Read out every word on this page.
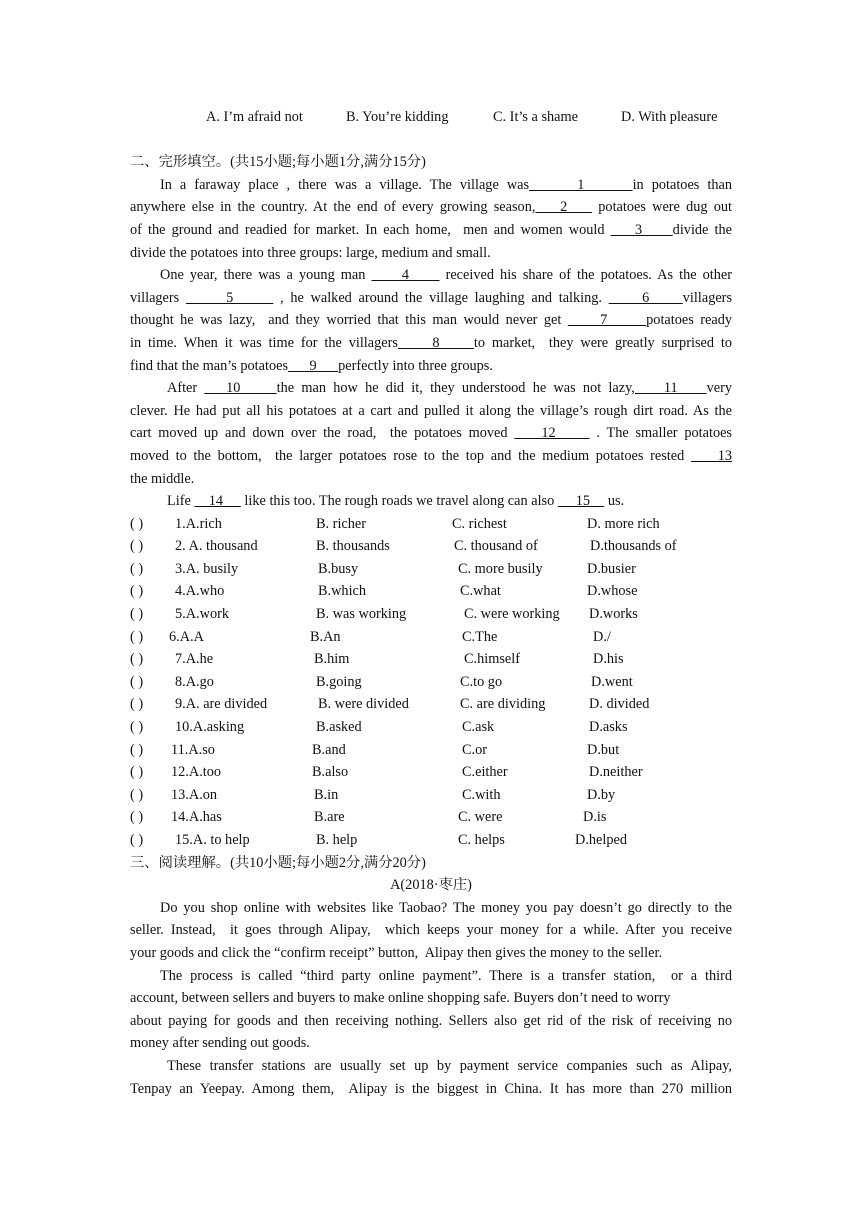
A. I’m afraid not	B. You’re kidding	C. It’s a shame	D. With pleasure
二、完形填空。(共15小题;每小题1分,满分15分)
In a faraway place , there was a village. The village was      1      in potatoes than
anywhere else in the country. At the end of every growing season,    2     potatoes were dug out
of the ground and readied for market. In each home,  men and women would     3     divide the
divide the potatoes into three groups: large, medium and small.
One year, there was a young man      4      received his share of the potatoes. As the other
villagers       5       , he walked around the village laughing and talking.      6     villagers
thought he was lazy,  and they worried that this man would never get      7      potatoes ready
in time. When it was time for the villagers     8     to market,  they were greatly surprised to
find that the man’s potatoes      9      perfectly into three groups.
After    10     the man how he did it, they understood he was not lazy,    11    very
clever. He had put all his potatoes at a cart and pulled it along the village’s rough dirt road. As the
cart moved up and down over the road,  the potatoes moved     12      . The smaller potatoes
moved to the bottom,  the larger potatoes rose to the top and the medium potatoes rested     13
the middle.
Life     14      like this too. The rough roads we travel along can also      15     us.
( ) 1.A.rich	B. richer	C. richest	D. more rich
( ) 2. A. thousand	B. thousands	C. thousand of	D.thousands of
( ) 3.A. busily	B.busy	C. more busily	D.busier
( ) 4.A.who	B.which	C.what	D.whose
( ) 5.A.work	B. was working	C. were working D.works
( ) 6.A.A	B.An	C.The	D./
( ) 7.A.he	B.him	C.himself	D.his
( ) 8.A.go	B.going	C.to go	D.went
( ) 9.A. are divided	B. were divided	C. are dividing	D. divided
( ) 10.A.asking	B.asked	C.ask	D.asks
( ) 11.A.so	B.and	C.or	D.but
( ) 12.A.too	B.also	C.either	D.neither
( ) 13.A.on	B.in	C.with	D.by
( ) 14.A.has	B.are	C. were	D.is
( ) 15.A. to help	B. help	C. helps	D.helped
三、阅读理解。(共10小题;每小题2分,满分20分)
A(2018·枣庄)
Do you shop online with websites like Taobao? The money you pay doesn’t go directly to the
seller. Instead,  it goes through Alipay,  which keeps your money for a while. After you receive
your goods and click the “confirm receipt” button,  Alipay then gives the money to the seller.
The process is called “third party online payment”. There is a transfer station,  or a third
account, between sellers and buyers to make online shopping safe. Buyers don’t need to worry
about paying for goods and then receiving nothing. Sellers also get rid of the risk of receiving no
money after sending out goods.
These transfer stations are usually set up by payment service companies such as Alipay,
Tenpay an Yeepay. Among them,  Alipay is the biggest in China. It has more than 270 million
